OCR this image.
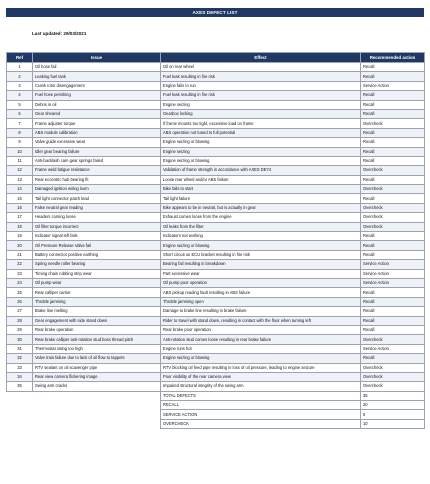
AXES DEFECT LIST
Last updated: 29/03/2021
Ref	Issue	Effect	Recommended action
1	Oil hose fail	Oil on rear wheel	Recall
2	Leaking fuel tank	Fuel leak resulting in fire risk	Recall
3	Crank rotor disengagement	Engine fails to run	Service Action
4	Fuel hose perishing	Fuel leak resulting in fire risk	Recall
5	Debris in oil	Engine seizing	Recall
6	Gear sheared	Gearbox locking	Recall
7	Frame adjuster torque	If frame mounts too tight, excessive load on frame	Overcheck
8	ABS module calibration	ABS operation not tuned to full potential	Recall
9	Valve guide excessive wear	Engine seizing or blowing	Recall
10	Idler gear bearing failure	Engine seizing	Recall
11	Anti-backlash cam gear springs failed	Engine seizing or blowing	Recall
12	Frame weld fatigue resistance	Validation of frame strength in accordance with AXES DE74	Overcheck
13	Rear eccentric hub bearing fit	Loose rear wheel and/or ABS failure	Recall
14	Damaged ignition wiring loom	Bike fails to start	Overcheck
15	Tail light connector patch lead	Tail light failure	Recall
16	False neutral gear reading	Bike appears to be in neutral, but is actually in gear	Overcheck
17	Headers coming loose	Exhaust comes loose from the engine	Overcheck
18	Oil filter torque incorrect	Oil leaks from the filter	Overcheck
19	Indicator signal left fails	Indicators not working	Recall
20	Oil Pressure Release Valve fail	Engine seizing or blowing	Recall
21	Battery connector positive earthing	Short circuit on ECU bracket resulting in fire risk	Recall
22	Spring needle roller bearing	Bearing fail resulting in breakdown	Service Action
23	Timing chain rubbing strip wear	Part excessive wear	Service Action
24	Oil pump wear	Oil pump poor operation	Service Action
25	Rear calliper carrier	ABS pickup reading fault resulting in ABS failure	Recall
26	Throttle jamming	Throttle jamming open	Recall
27	Brake line melting	Damage to brake line resulting in brake failure	Recall
28	Gear engagement with side stand down	Rider to travel with stand down, resulting in contact with the floor when turning left	Recall
29	Rear brake operation	Rear brake poor operation	Recall
30	Rear brake calliper anti-rotation stud boss thread pitch	Anti-rotation stud comes loose resulting in rear brake failure	Overcheck
31	Thermostat rating too high	Engine runs hot	Service Action
32	Valve train failure due to lack of oil flow to tappets	Engine seizing or blowing	Recall
33	RTV sealant on oil scavenger pipe	RTV blocking oil feed pipe resulting in loss of oil pressure, leading to engine seizure	Overcheck
34	Rear view camera flickering image	Poor visibility of the rear camera view	Overcheck
35	Swing arm cracks	Impaired structural integrity of the swing arm	Overcheck
		TOTAL DEFECTS	35
		RECALL	20
		SERVICE ACTION	5
		OVERCHECK	10
